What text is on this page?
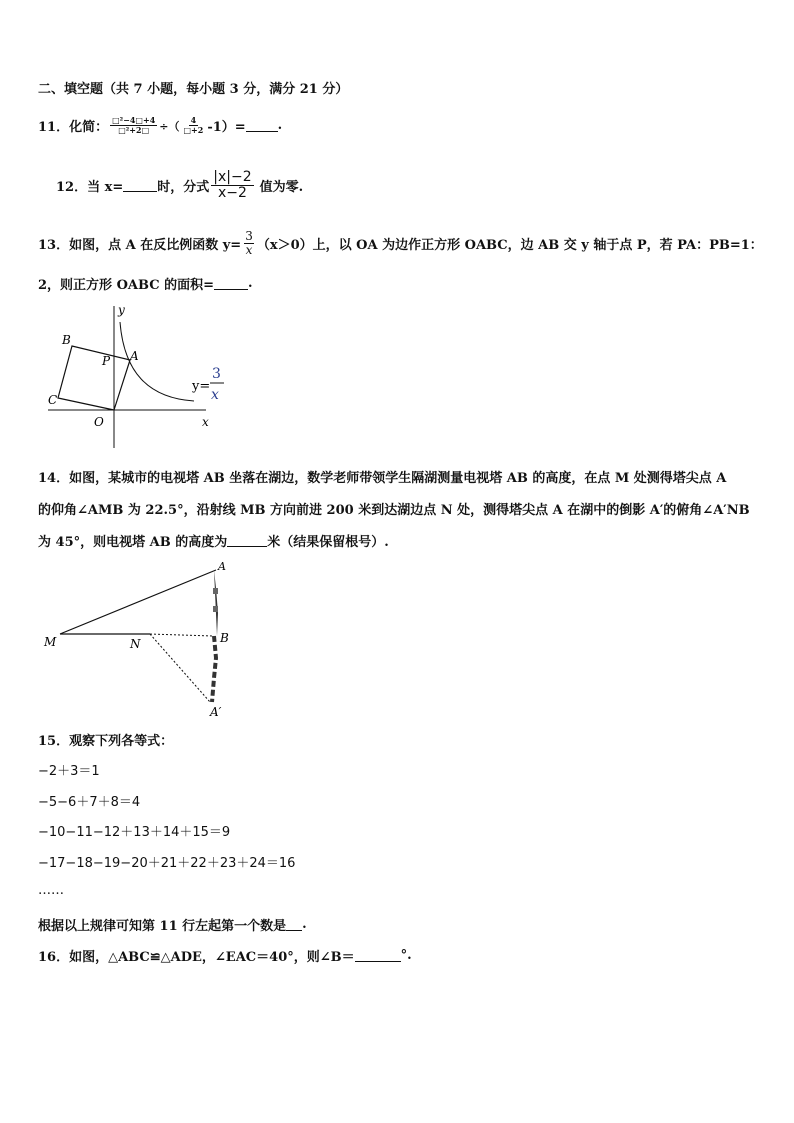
二、填空题（共 7 小题，每小题 3 分，满分 21 分）
11．化简： $\frac{\text{□²−4□+4}}{\text{□²+2□}}$ ÷（ $\frac{4}{□+2} -1)=$ .
12．当 x=	时，分式 $\frac{|x|-2}{x-2}$ 值为零.
13．如图，点 A 在反比例函数 $y= \frac{3}{x} (x>0)$上，以 OA 为边作正方形 OABC，边 AB 交 y 轴于点 P，若 PA：PB=1：
2，则正方形 OABC 的面积=	.
B
P A
C
O	x
y
y=
3
x
14．如图，某城市的电视塔 AB 坐落在湖边，数学老师带领学生隔湖测量电视塔 AB 的高度，在点 M 处测得塔尖点 A
的仰角∠AMB 为 22.5°，沿射线 MB 方向前进 200 米到达湖边点 N 处，测得塔尖点 A 在湖中的倒影 A′的俯角∠A′NB
为 45°，则电视塔 AB 的高度为	米（结果保留根号）.
A
M	N	B
A′
15．观察下列各等式：
−2＋3＝1
−5−6＋7＋8＝4
−10−11−12＋13＋14＋15＝9
−17−18−19−20＋21＋22＋23＋24＝16
……
根据以上规律可知第 11 行左起第一个数是 .
16．如图，△ABC≌△ADE，∠EAC＝40°，则∠B＝	°.
